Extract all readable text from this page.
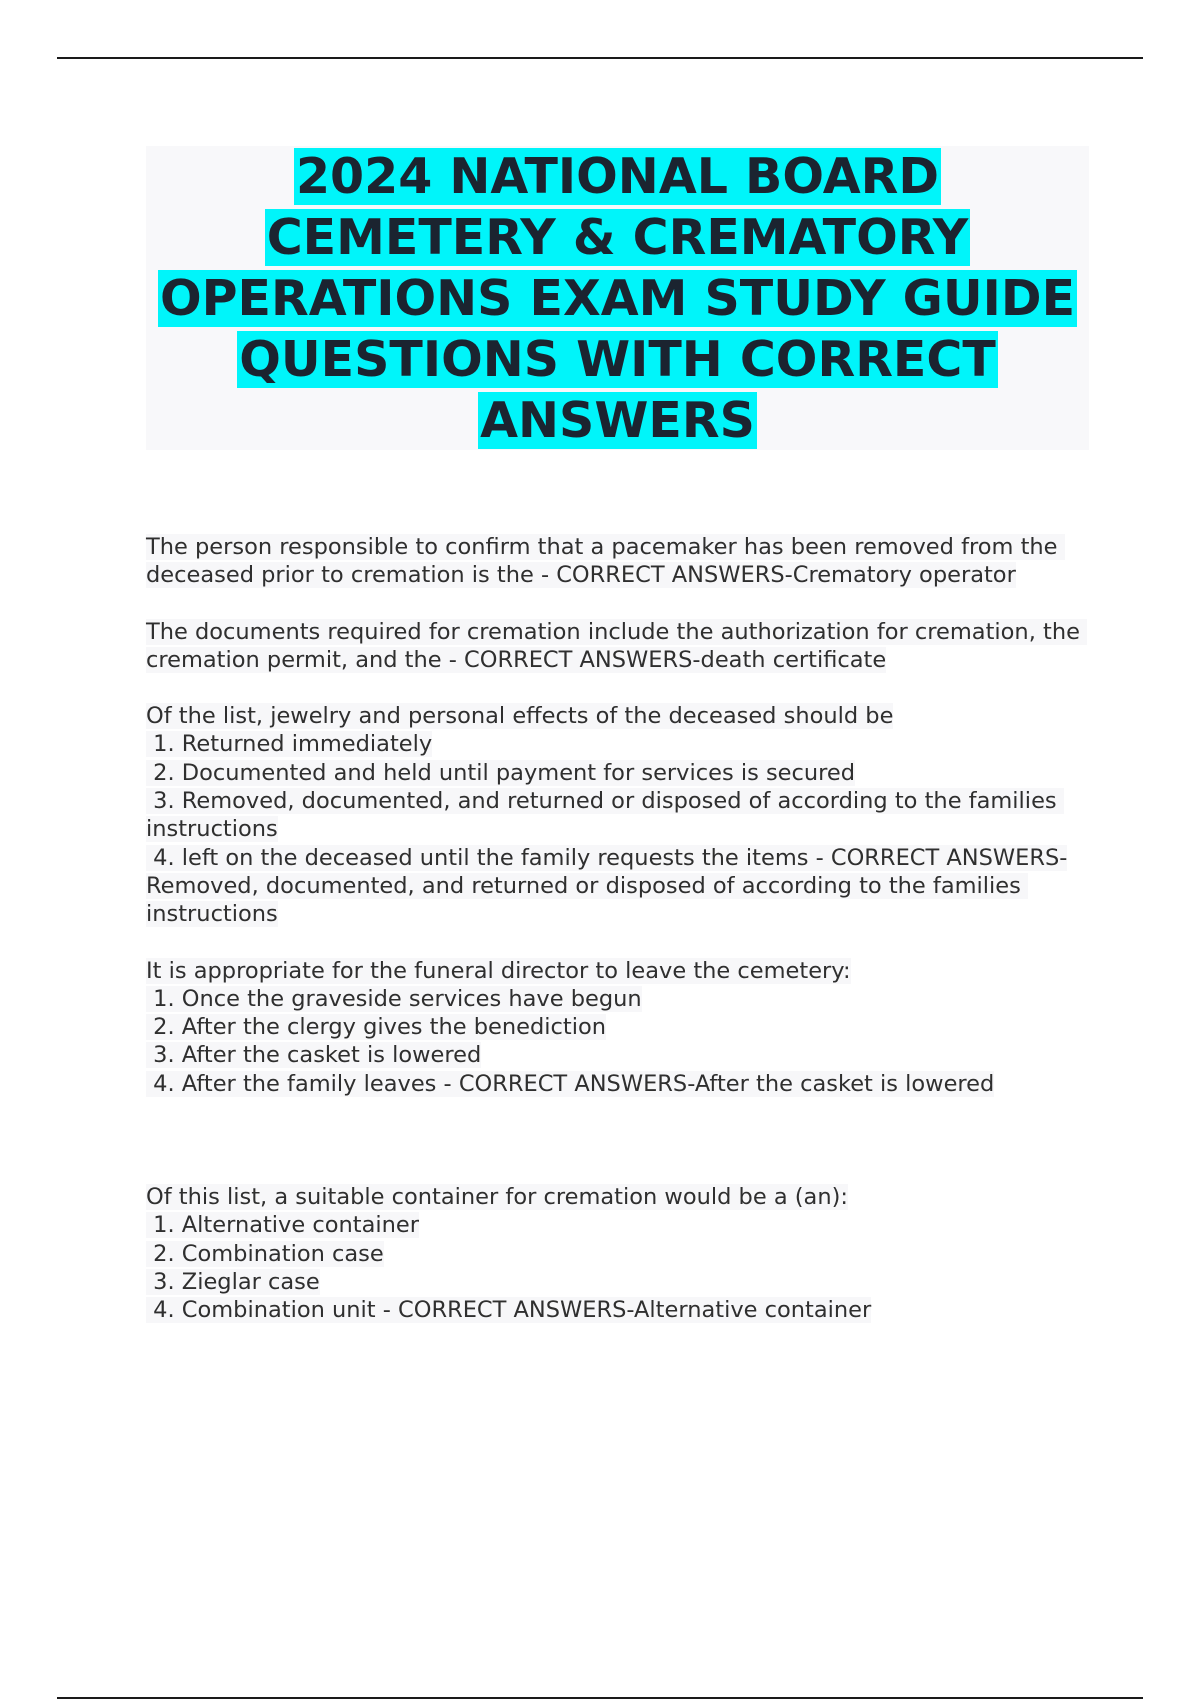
2024 NATIONAL BOARD CEMETERY & CREMATORY OPERATIONS EXAM STUDY GUIDE QUESTIONS WITH CORRECT ANSWERS

The person responsible to confirm that a pacemaker has been removed from the deceased prior to cremation is the - CORRECT ANSWERS-Crematory operator

The documents required for cremation include the authorization for cremation, the cremation permit, and the - CORRECT ANSWERS-death certificate

Of the list, jewelry and personal effects of the deceased should be
1. Returned immediately
2. Documented and held until payment for services is secured
3. Removed, documented, and returned or disposed of according to the families instructions
4. left on the deceased until the family requests the items - CORRECT ANSWERS-Removed, documented, and returned or disposed of according to the families instructions

It is appropriate for the funeral director to leave the cemetery:
1. Once the graveside services have begun
2. After the clergy gives the benediction
3. After the casket is lowered
4. After the family leaves - CORRECT ANSWERS-After the casket is lowered

Of this list, a suitable container for cremation would be a (an):
1. Alternative container
2. Combination case
3. Zieglar case
4. Combination unit - CORRECT ANSWERS-Alternative container
